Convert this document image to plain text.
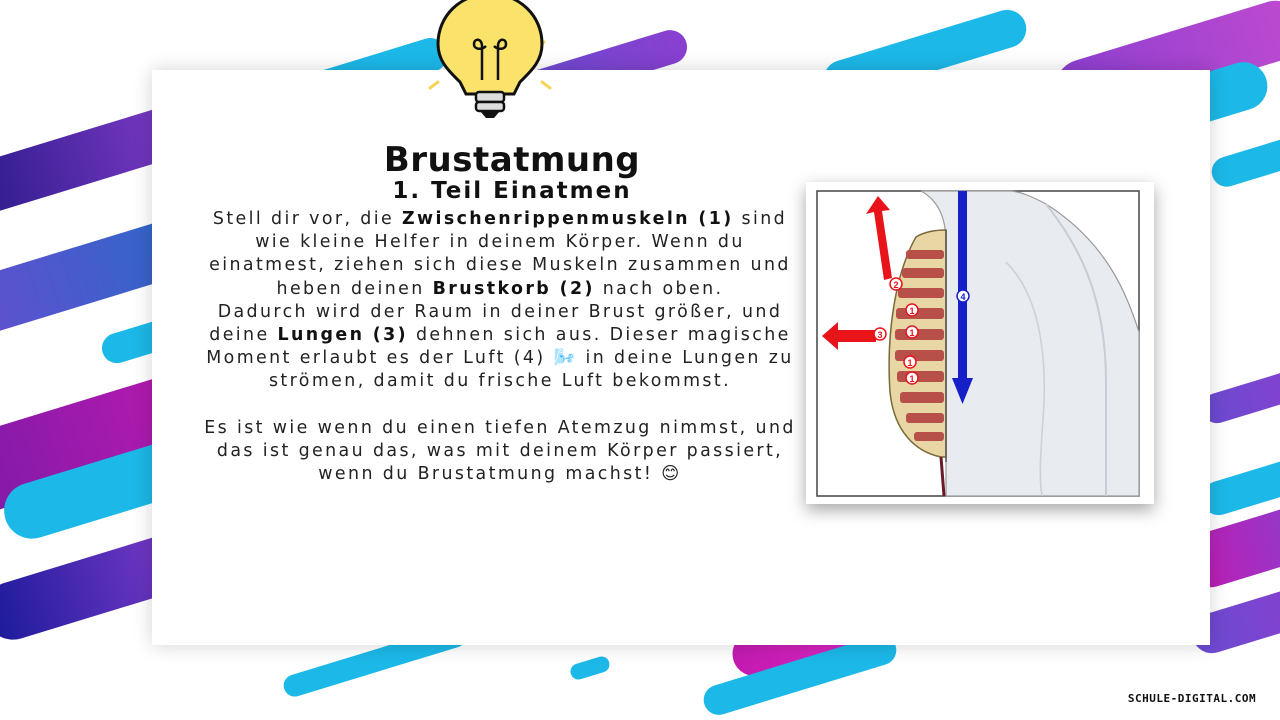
Brustatmung
1. Teil Einatmen

Stell dir vor, die Zwischenrippenmuskeln (1) sind wie kleine Helfer in deinem Körper. Wenn du einatmest, ziehen sich diese Muskeln zusammen und heben deinen Brustkorb (2) nach oben.

Dadurch wird der Raum in deiner Brust größer, und deine Lungen (3) dehnen sich aus. Dieser magische Moment erlaubt es der Luft (4) 🌬️ in deine Lungen zu strömen, damit du frische Luft bekommst.

Es ist wie wenn du einen tiefen Atemzug nimmst, und das ist genau das, was mit deinem Körper passiert, wenn du Brustatmung machst! 😊

2
1
1
1
1
3
4
SCHULE-DIGITAL.COM
